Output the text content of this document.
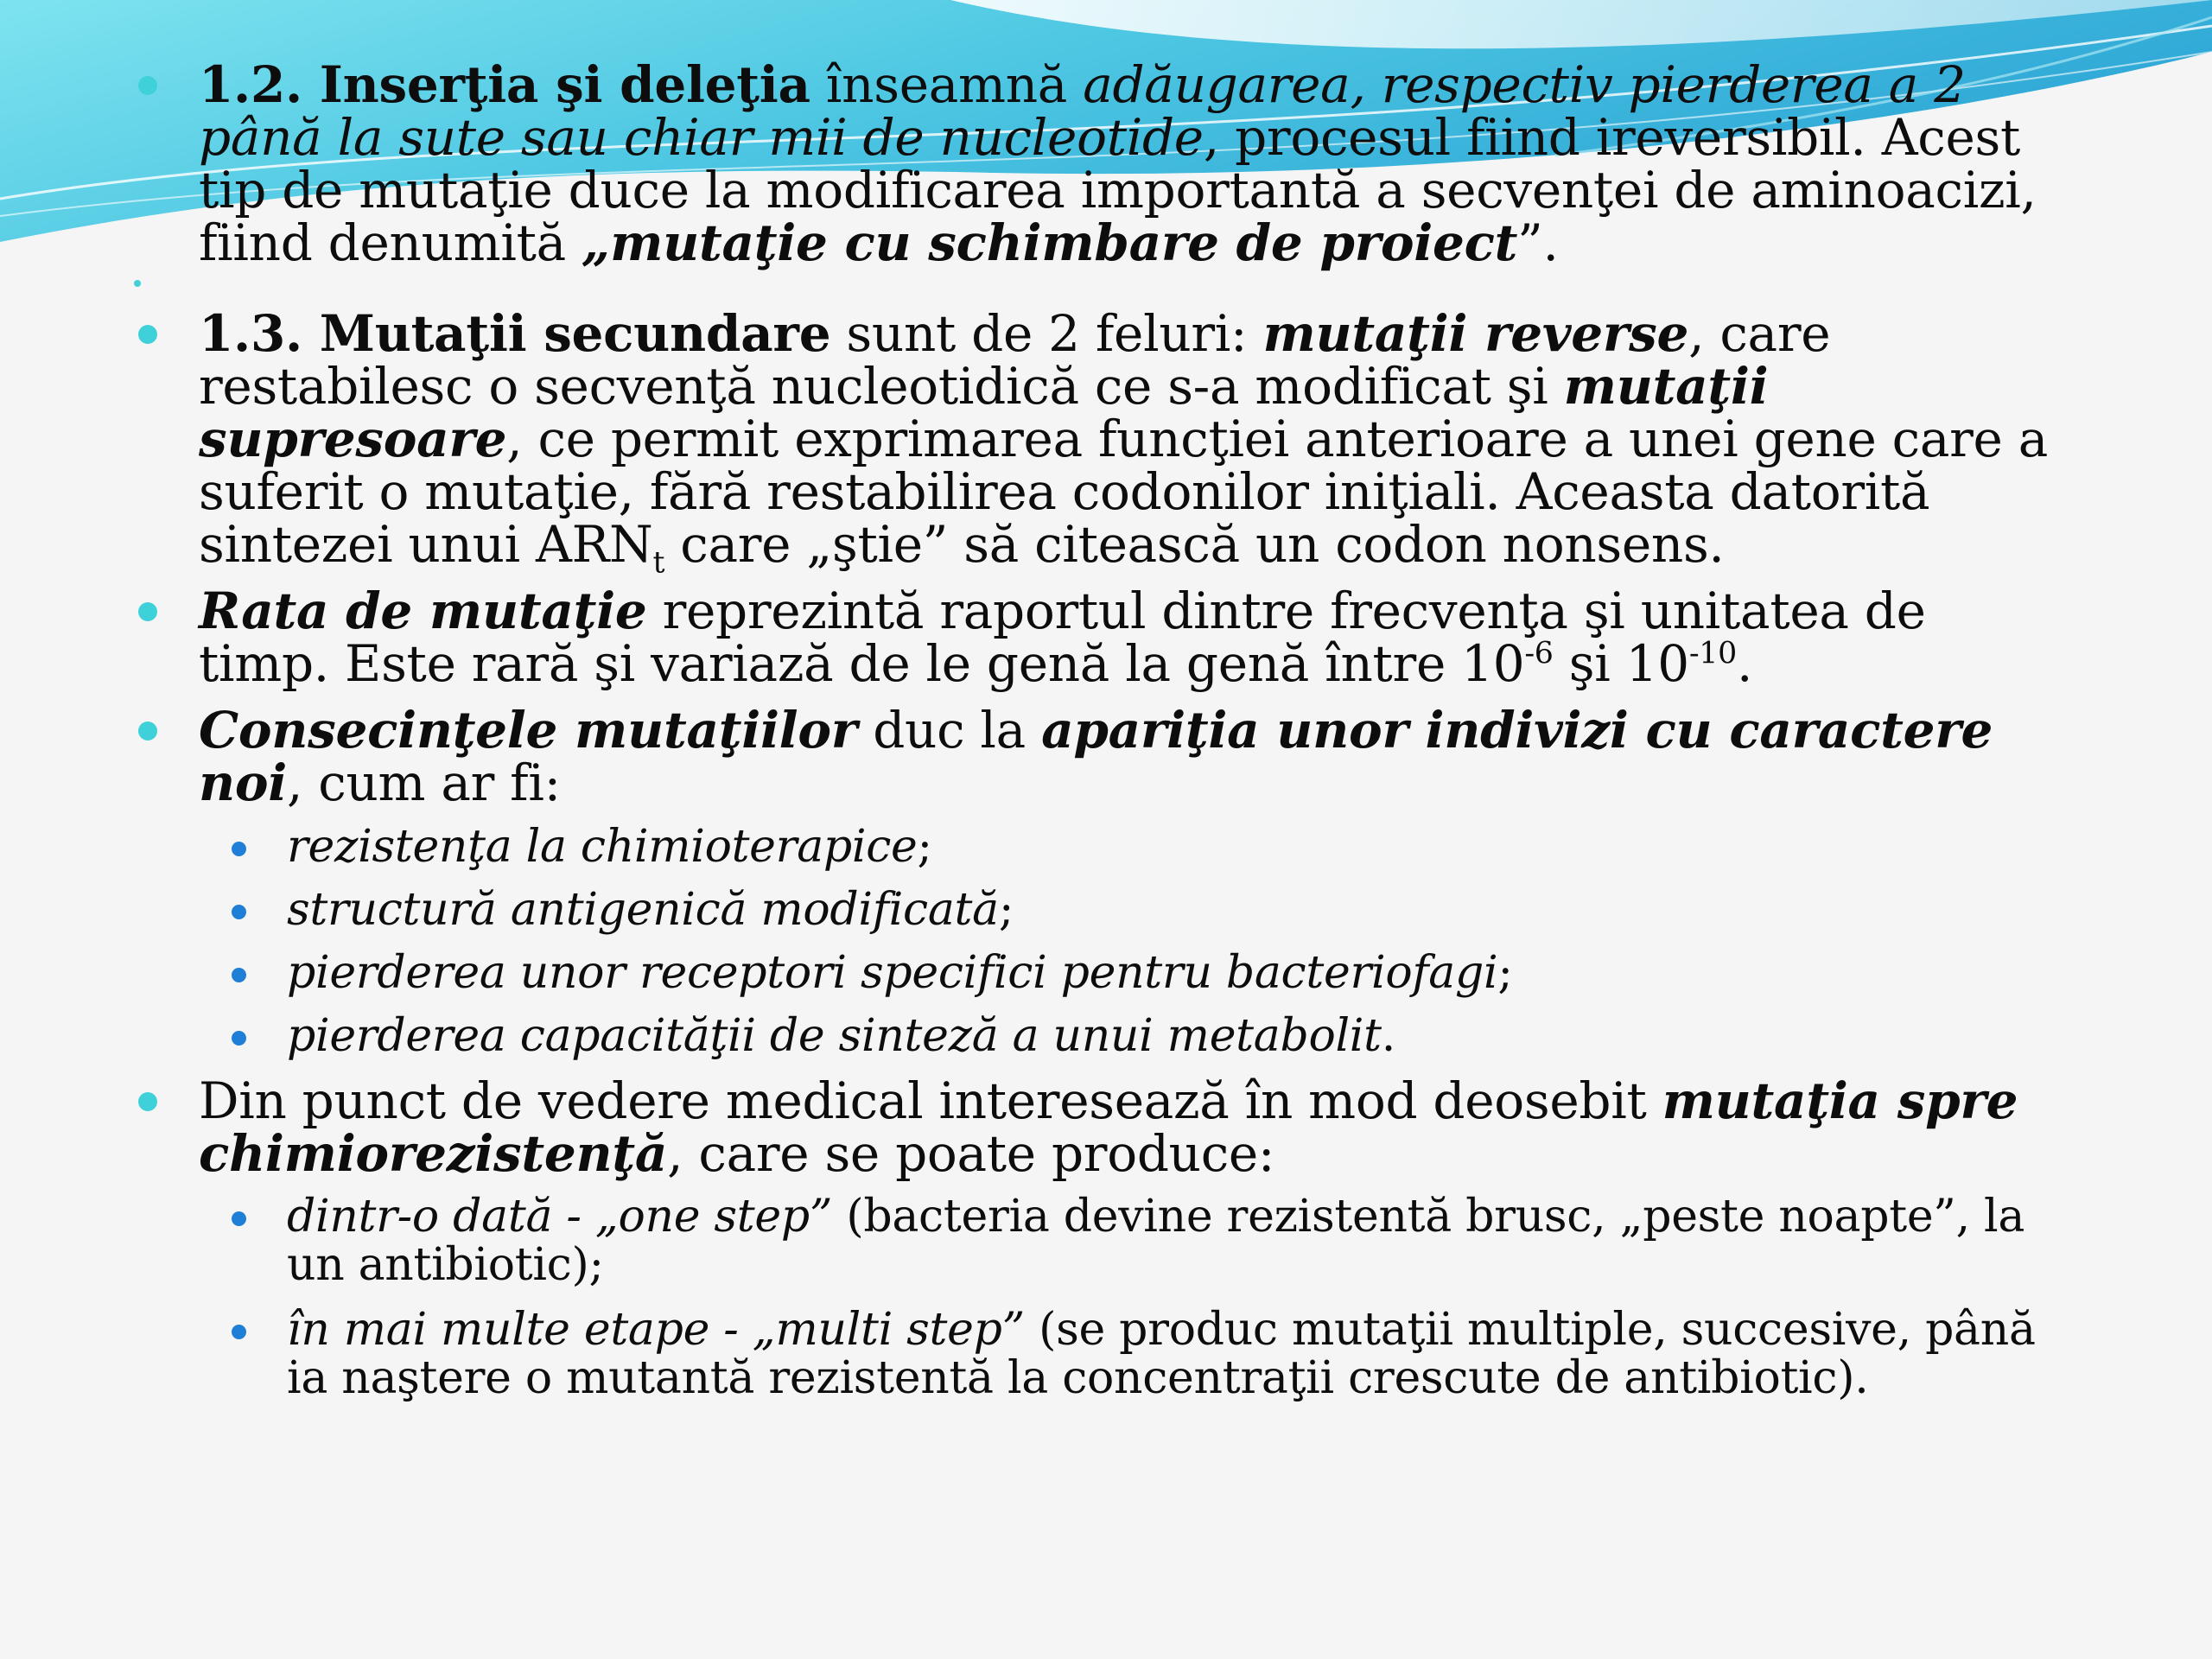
1.2. Inserţia şi deleţia înseamnă adăugarea, respectiv pierderea a 2 până la sute sau chiar mii de nucleotide, procesul fiind ireversibil. Acest tip de mutaţie duce la modificarea importantă a secvenţei de aminoacizi, fiind denumită „mutaţie cu schimbare de proiect”.

1.3. Mutaţii secundare sunt de 2 feluri: mutaţii reverse, care restabilesc o secvenţă nucleotidică ce s-a modificat şi mutaţii supresoare, ce permit exprimarea funcţiei anterioare a unei gene care a suferit o mutaţie, fără restabilirea codonilor iniţiali. Aceasta datorită sintezei unui $ARN_t$ care „ştie” să citească un codon nonsens.

Rata de mutaţie reprezintă raportul dintre frecvenţa şi unitatea de timp. Este rară şi variază de le genă la genă între $10^{-6}$ şi $10^{-10}$.

Consecinţele mutaţiilor duc la apariţia unor indivizi cu caractere noi, cum ar fi:

rezistenţa la chimioterapice;

structură antigenică modificată;

pierderea unor receptori specifici pentru bacteriofagi;

pierderea capacităţii de sinteză a unui metabolit.

Din punct de vedere medical interesează în mod deosebit mutaţia spre chimiorezistenţă, care se poate produce:

dintr-o dată - „one step” (bacteria devine rezistentă brusc, „peste noapte”, la un antibiotic);

în mai multe etape - „multi step” (se produc mutaţii multiple, succesive, până ia naştere o mutantă rezistentă la concentraţii crescute de antibiotic).
